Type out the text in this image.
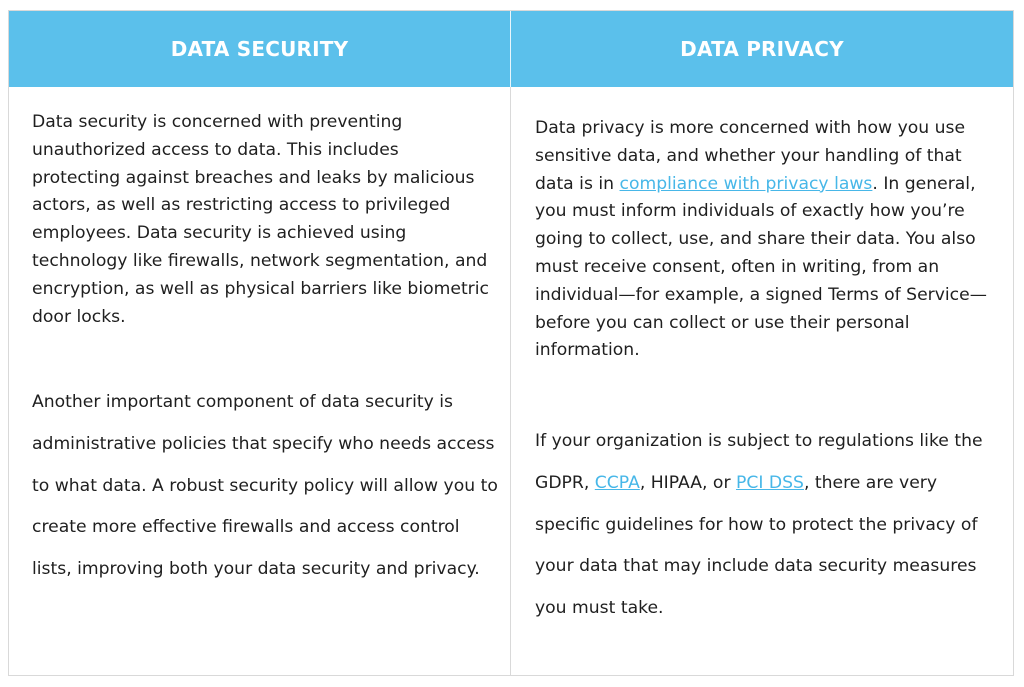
DATA SECURITY	DATA PRIVACY

Data security is concerned with preventing unauthorized access to data. This includes protecting against breaches and leaks by malicious actors, as well as restricting access to privileged employees. Data security is achieved using technology like firewalls, network segmentation, and encryption, as well as physical barriers like biometric door locks.

Another important component of data security is administrative policies that specify who needs access to what data. A robust security policy will allow you to create more effective firewalls and access control lists, improving both your data security and privacy.

Data privacy is more concerned with how you use sensitive data, and whether your handling of that data is in compliance with privacy laws. In general, you must inform individuals of exactly how you’re going to collect, use, and share their data. You also must receive consent, often in writing, from an individual—for example, a signed Terms of Service—before you can collect or use their personal information.

If your organization is subject to regulations like the GDPR, CCPA, HIPAA, or PCI DSS, there are very specific guidelines for how to protect the privacy of your data that may include data security measures you must take.
